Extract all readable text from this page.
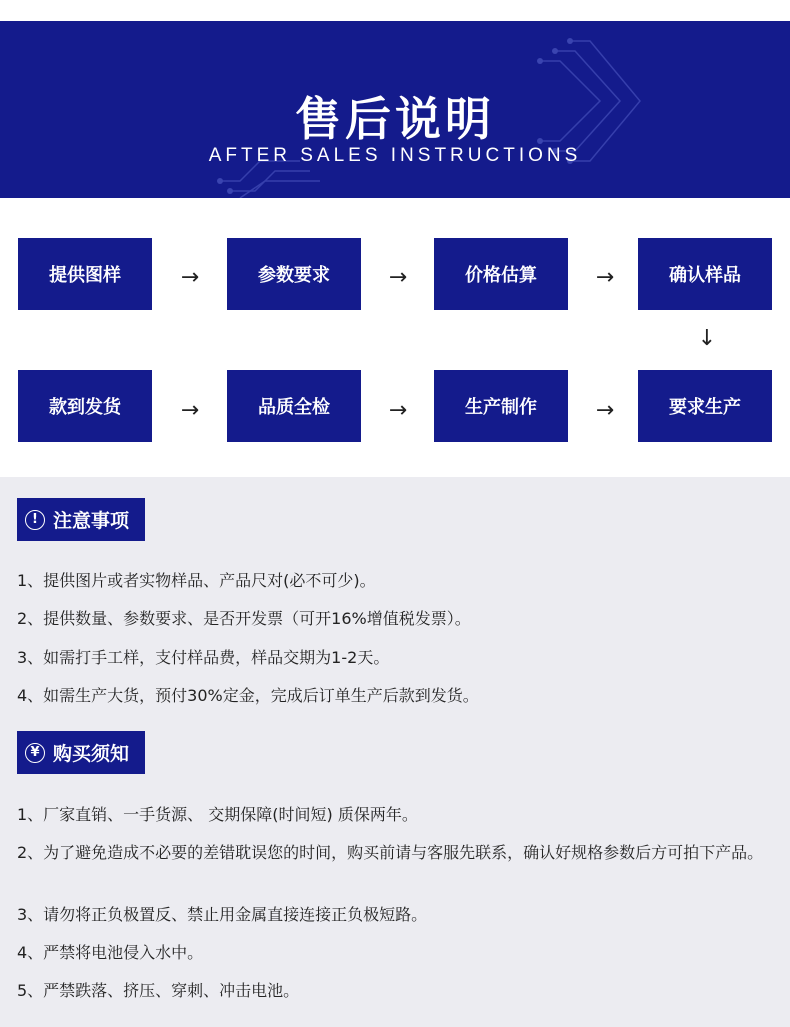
售后说明
AFTER SALES INSTRUCTIONS
提供图样	→	参数要求	→	价格估算	→	确认样品
↓
款到发货	→	品质全检	→	生产制作	→	要求生产
! 注意事项
1、提供图片或者实物样品、产品尺对(必不可少)。
2、提供数量、参数要求、是否开发票（可开16%增值税发票）。
3、如需打手工样，支付样品费，样品交期为1-2天。
4、如需生产大货，预付30%定金，完成后订单生产后款到发货。
¥ 购买须知
1、厂家直销、一手货源、 交期保障(时间短) 质保两年。
2、为了避免造成不必要的差错耽误您的时间，购买前请与客服先联系，确认好规格参数后方可拍下产品。
3、请勿将正负极置反、禁止用金属直接连接正负极短路。
4、严禁将电池侵入水中。
5、严禁跌落、挤压、穿刺、冲击电池。
